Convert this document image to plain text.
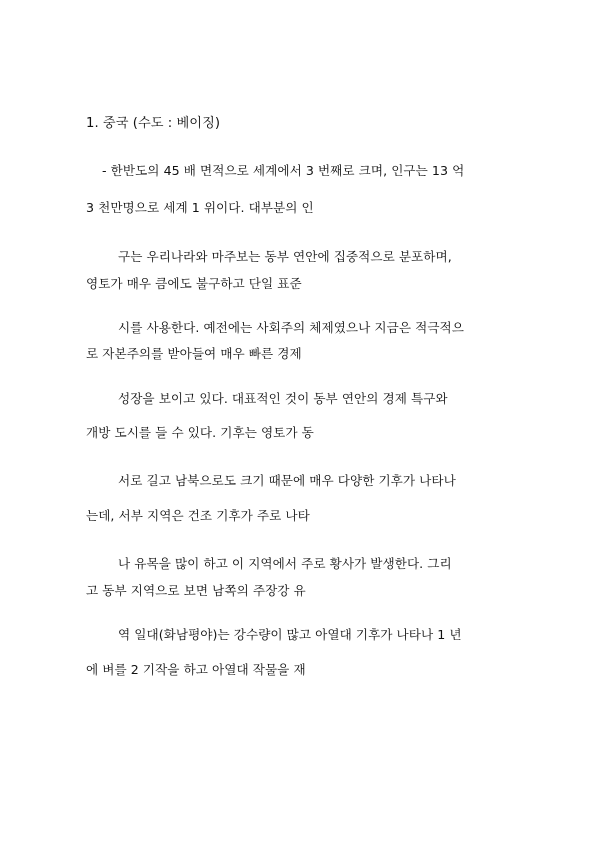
1. 중국 (수도 : 베이징)
- 한반도의 45 배 면적으로 세계에서 3 번째로 크며, 인구는 13 억
3 천만명으로 세계 1 위이다. 대부분의 인
구는 우리나라와 마주보는 동부 연안에 집중적으로 분포하며,
영토가 매우 큼에도 불구하고 단일 표준
시를 사용한다. 예전에는 사회주의 체제였으나 지금은 적극적으
로 자본주의를 받아들여 매우 빠른 경제
성장을 보이고 있다. 대표적인 것이 동부 연안의 경제 특구와
개방 도시를 들 수 있다. 기후는 영토가 동
서로 길고 남북으로도 크기 때문에 매우 다양한 기후가 나타나
는데, 서부 지역은 건조 기후가 주로 나타
나 유목을 많이 하고 이 지역에서 주로 황사가 발생한다. 그리
고 동부 지역으로 보면 남쪽의 주장강 유
역 일대(화남평야)는 강수량이 많고 아열대 기후가 나타나 1 년
에 벼를 2 기작을 하고 아열대 작물을 재
